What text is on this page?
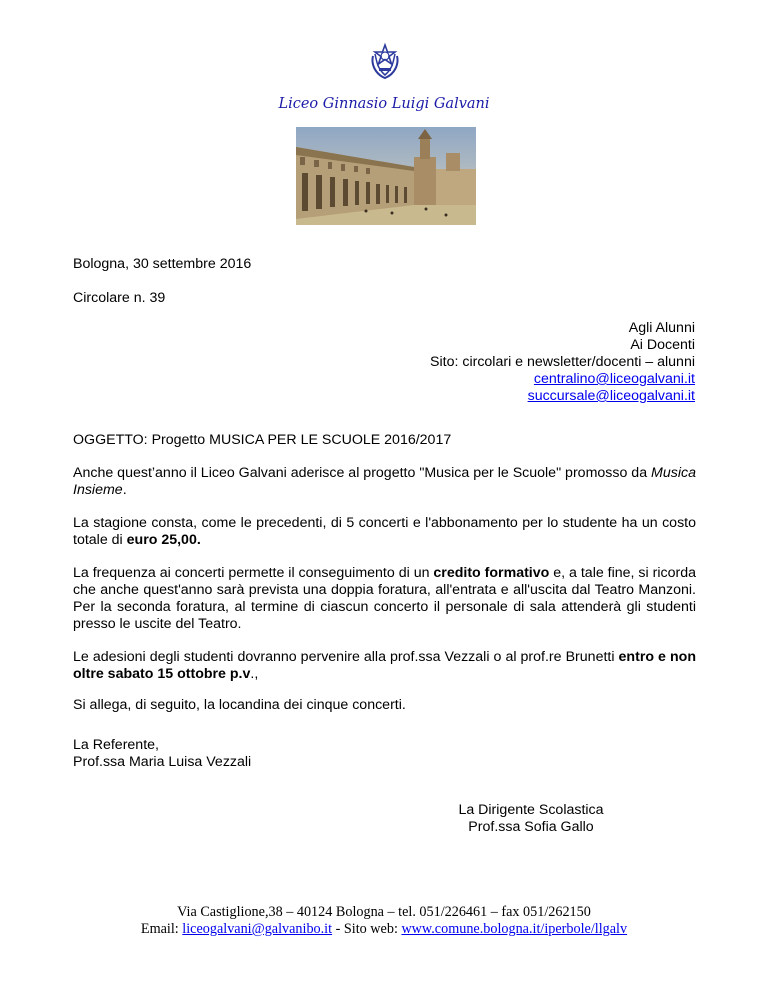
Liceo Ginnasio Luigi Galvani
Bologna, 30 settembre 2016
Circolare n. 39
Agli Alunni
Ai Docenti
Sito: circolari e newsletter/docenti – alunni
centralino@liceogalvani.it
succursale@liceogalvani.it
OGGETTO: Progetto MUSICA PER LE SCUOLE 2016/2017
Anche quest’anno il Liceo Galvani aderisce al progetto "Musica per le Scuole" promosso da Musica Insieme.
La stagione consta, come le precedenti, di 5 concerti e l'abbonamento per lo studente ha un costo totale di euro 25,00.
La frequenza ai concerti permette il conseguimento di un credito formativo e, a tale fine, si ricorda che anche quest'anno sarà prevista una doppia foratura, all'entrata e all'uscita dal Teatro Manzoni. Per la seconda foratura, al termine di ciascun concerto il personale di sala attenderà gli studenti presso le uscite del Teatro.
Le adesioni degli studenti dovranno pervenire alla prof.ssa Vezzali o al prof.re Brunetti entro e non oltre sabato 15 ottobre p.v.,
Si allega, di seguito, la locandina dei cinque concerti.
La Referente,
Prof.ssa Maria Luisa Vezzali
La Dirigente Scolastica
Prof.ssa Sofia Gallo
Via Castiglione,38 – 40124 Bologna – tel. 051/226461 – fax 051/262150
Email: liceogalvani@galvanibo.it - Sito web: www.comune.bologna.it/iperbole/llgalv
